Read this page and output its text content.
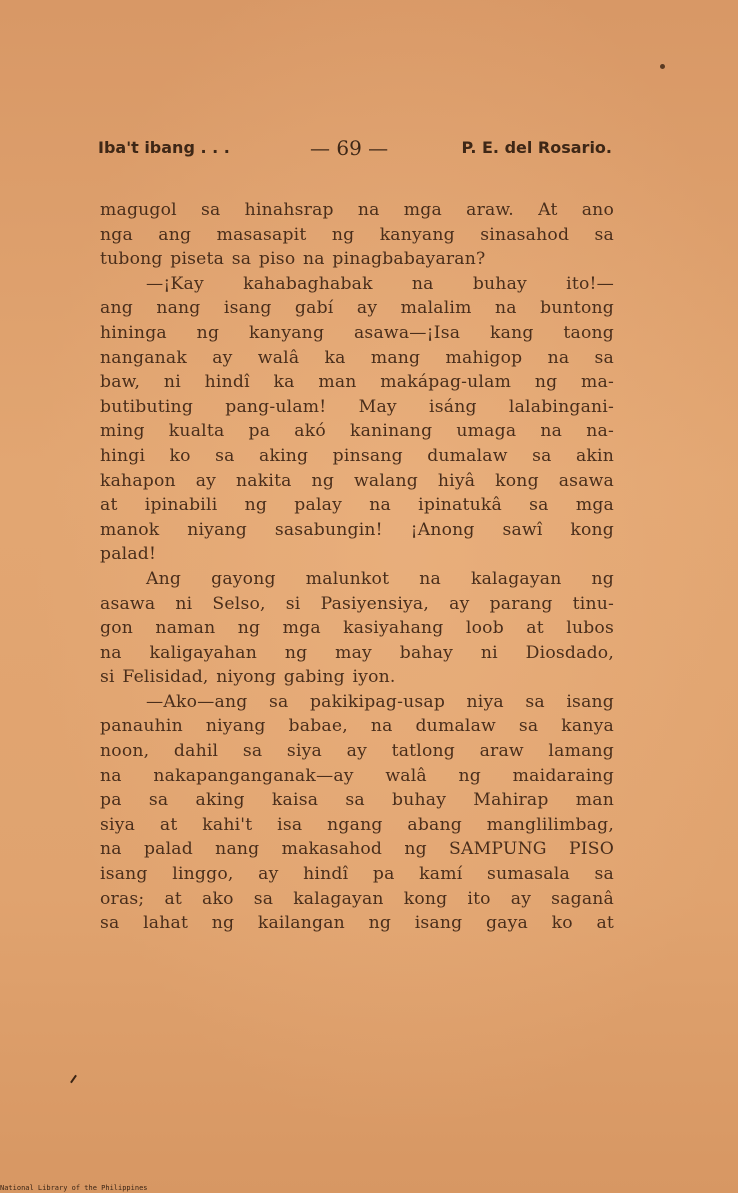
Iba't ibang . . .	— 69 —	P. E. del Rosario.

magugol sa hinahsrap na mga araw. At ano

nga ang masasapit ng kanyang sinasahod sa

tubong piseta sa piso na pinagbabayaran?

—¡Kay kahabaghabak na buhay ito!—

ang nang isang gabí ay malalim na buntong

hininga ng kanyang asawa—¡Isa kang taong

nanganak ay walâ ka mang mahigop na sa

baw, ni hindî ka man makápag-ulam ng ma-

butibuting pang-ulam! May isáng lalabingani-

ming kualta pa akó kaninang umaga na na-

hingi ko sa aking pinsang dumalaw sa akin

kahapon ay nakita ng walang hiyâ kong asawa

at ipinabili ng palay na ipinatukâ sa mga

manok niyang sasabungin! ¡Anong sawî kong

palad!

Ang gayong malunkot na kalagayan ng

asawa ni Selso, si Pasiyensiya, ay parang tinu-

gon naman ng mga kasiyahang loob at lubos

na kaligayahan ng may bahay ni Diosdado,

si Felisidad, niyong gabing iyon.

—Ako—ang sa pakikipag-usap niya sa isang

panauhin niyang babae, na dumalaw sa kanya

noon, dahil sa siya ay tatlong araw lamang

na nakapanganganak—ay walâ ng maidaraing

pa sa aking kaisa sa buhay Mahirap man

siya at kahi't isa ngang abang manglilimbag,

na palad nang makasahod ng SAMPUNG PISO

isang linggo, ay hindî pa kamí sumasala sa

oras; at ako sa kalagayan kong ito ay saganâ

sa lahat ng kailangan ng isang gaya ko at

National Library of the Philippines
